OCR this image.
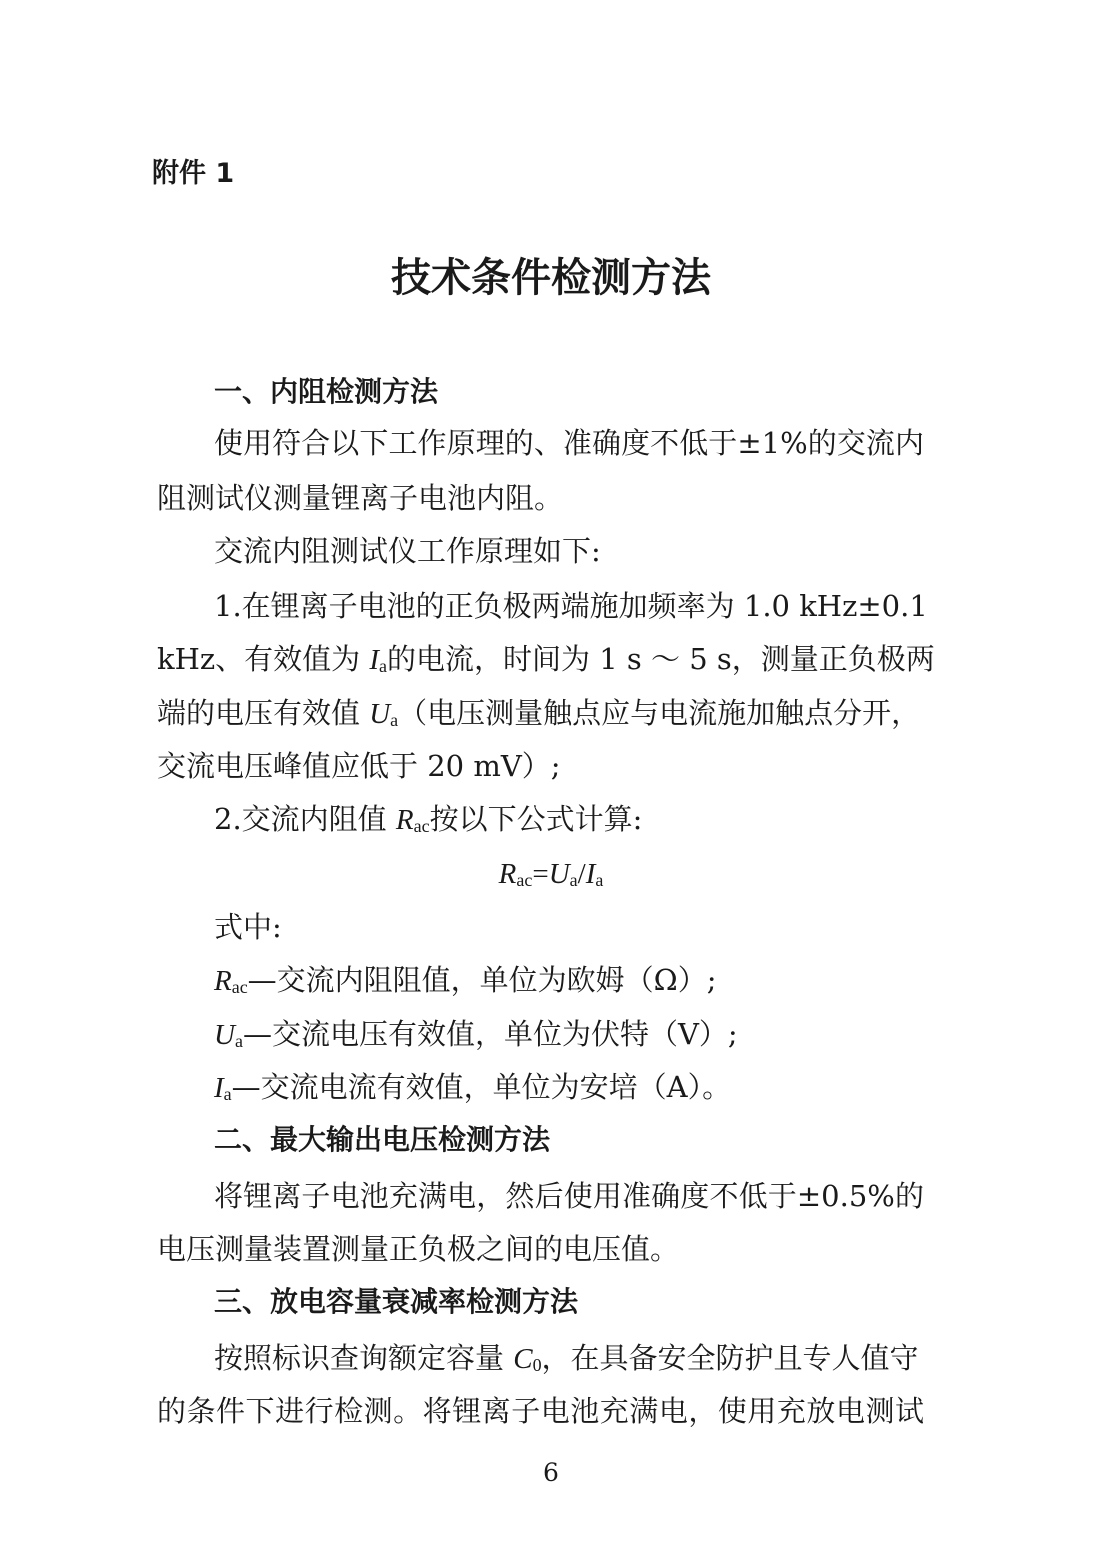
附件 1
技术条件检测方法
一、内阻检测方法
使用符合以下工作原理的、准确度不低于±1%的交流内
阻测试仪测量锂离子电池内阻。
交流内阻测试仪工作原理如下:
1.在锂离子电池的正负极两端施加频率为 1.0 kHz±0.1
kHz、有效值为 $I_a$的电流，时间为 1 s ～ 5 s，测量正负极两
端的电压有效值 $U_a$（电压测量触点应与电流施加触点分开，
交流电压峰值应低于 20 mV）;
2.交流内阻值 $R_{ac}$按以下公式计算:
$R_{ac}=U_a/I_a$
式中:
$R_{ac}—$交流内阻阻值，单位为欧姆（Ω）;
$U_a—$交流电压有效值，单位为伏特（V）;
$I_a—$交流电流有效值，单位为安培（A）。
二、最大输出电压检测方法
将锂离子电池充满电，然后使用准确度不低于±0.5%的
电压测量装置测量正负极之间的电压值。
三、放电容量衰减率检测方法
按照标识查询额定容量 $C_0$，在具备安全防护且专人值守
的条件下进行检测。将锂离子电池充满电，使用充放电测试
6
